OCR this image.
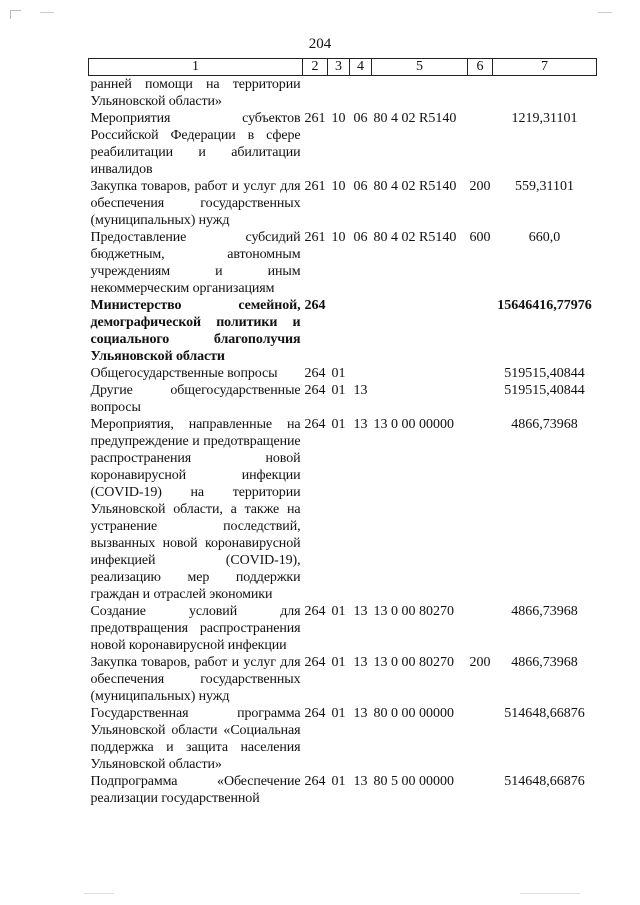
204
1	2	3	4	5	6	7
ранней помощи на территории Ульяновской области»						
Мероприятия субъектов Российской Федерации в сфере реабилитации и абилитации инвалидов	261	10	06	80 4 02 R5140		1219,31101
Закупка товаров, работ и услуг для обеспечения государственных (муниципальных) нужд	261	10	06	80 4 02 R5140	200	559,31101
Предоставление субсидий бюджетным, автономным учреждениям и иным некоммерческим организациям	261	10	06	80 4 02 R5140	600	660,0
Министерство семейной, демографической политики и социального благополучия Ульяновской области	264					15646416,77976
Общегосударственные вопросы	264	01				519515,40844
Другие общегосударственные вопросы	264	01	13			519515,40844
Мероприятия, направленные на предупреждение и предотвращение распространения новой коронавирусной инфекции (COVID-19) на территории Ульяновской области, а также на устранение последствий, вызванных новой коронавирусной инфекцией (COVID-19), реализацию мер поддержки граждан и отраслей экономики	264	01	13	13 0 00 00000		4866,73968
Создание условий для предотвращения распространения новой коронавирусной инфекции	264	01	13	13 0 00 80270		4866,73968
Закупка товаров, работ и услуг для обеспечения государственных (муниципальных) нужд	264	01	13	13 0 00 80270	200	4866,73968
Государственная программа Ульяновской области «Социальная поддержка и защита населения Ульяновской области»	264	01	13	80 0 00 00000		514648,66876
Подпрограмма «Обеспечение реализации государственной	264	01	13	80 5 00 00000		514648,66876
